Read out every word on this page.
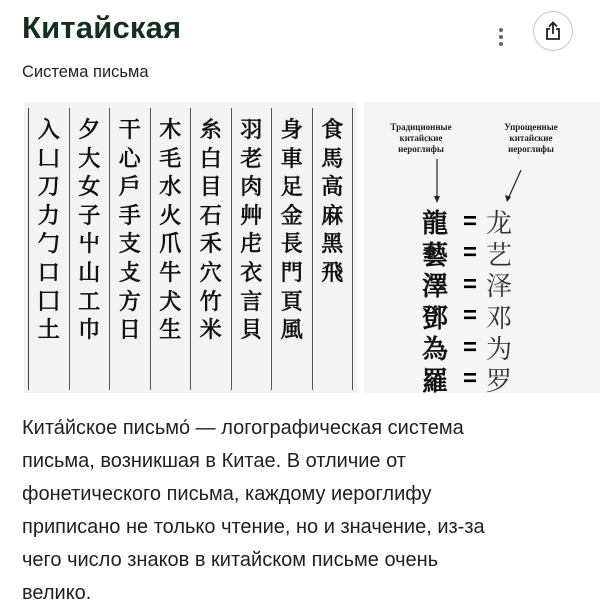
Китайская
Система письма
入
凵
刀
力
勹
口
囗
土
夕
大
女
子
屮
山
工
巾
干
心
戶
手
支
攴
方
日
木
毛
水
火
爪
牛
犬
生
糸
白
目
石
禾
穴
竹
米
羽
老
肉
艸
虍
衣
言
貝
身
車
足
金
長
門
頁
風
食
馬
高
麻
黑
飛
Традиционные
китайские
иероглифы
Упрощенные
китайские
иероглифы
龍 = 龙
藝 = 艺
澤 = 泽
鄧 = 邓
為 = 为
羅 = 罗
Кита́йское письмо́ — логографическая система
письма, возникшая в Китае. В отличие от
фонетического письма, каждому иероглифу
приписано не только чтение, но и значение, из-за
чего число знаков в китайском письме очень
велико.
